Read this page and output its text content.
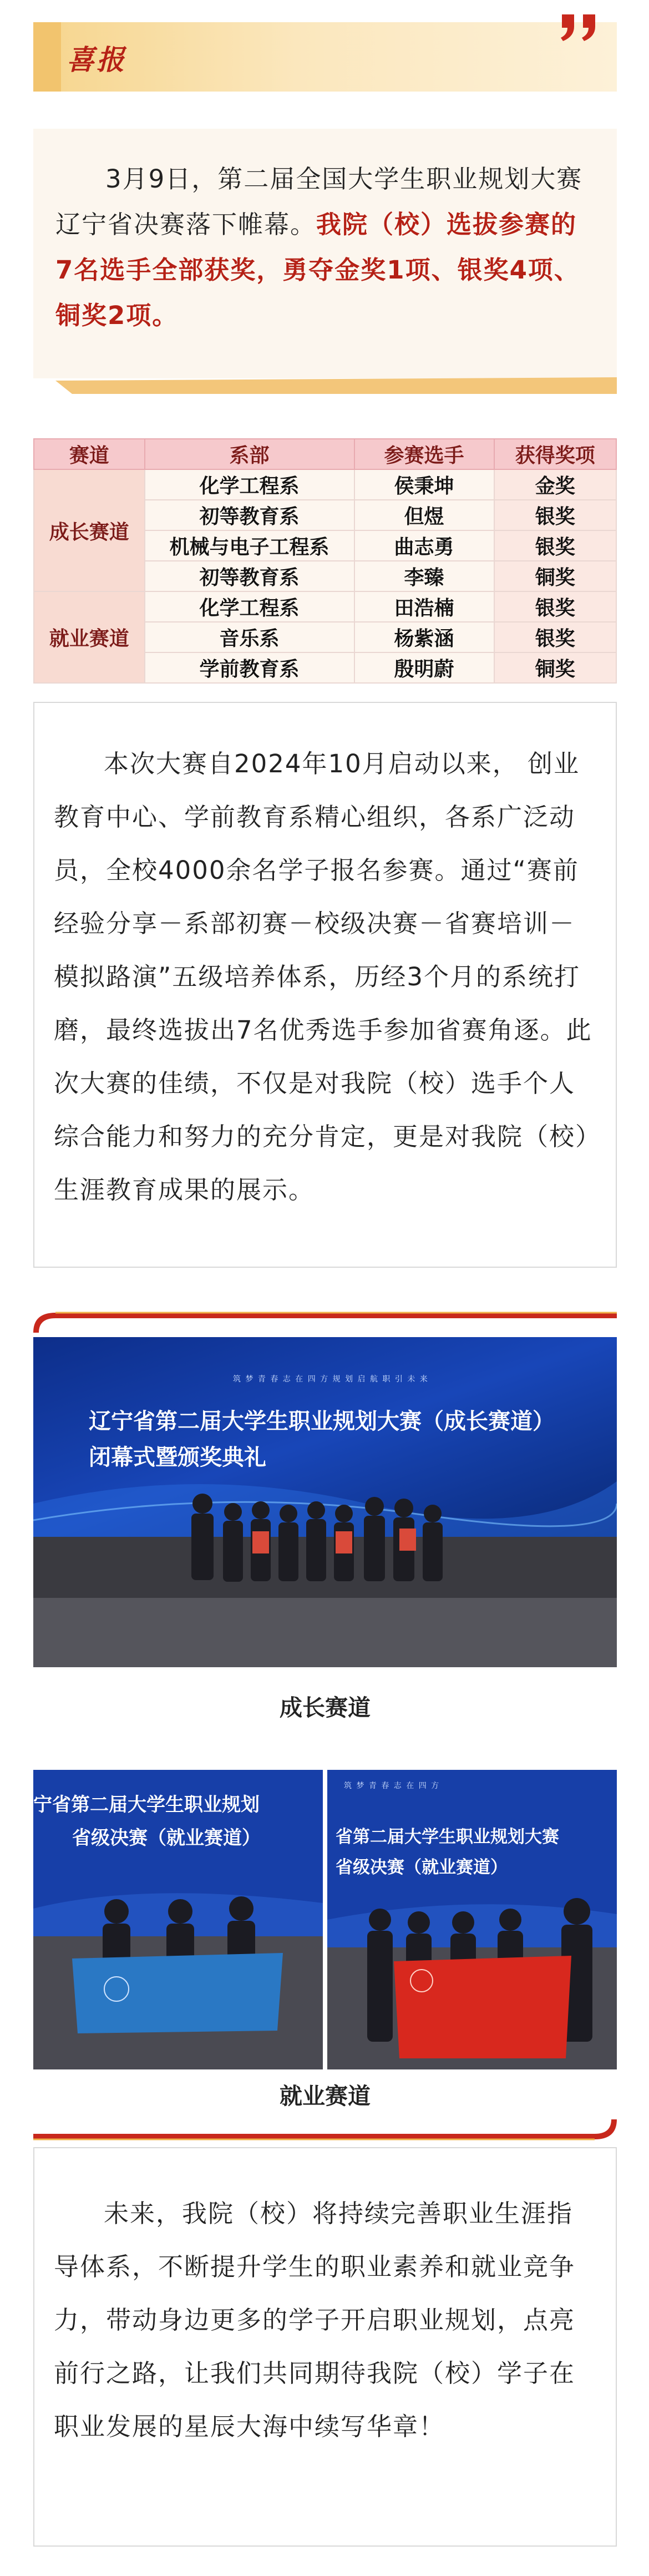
喜报

3月9日，第二届全国大学生职业规划大赛辽宁省决赛落下帷幕。我院（校）选拔参赛的7名选手全部获奖，勇夺金奖1项、银奖4项、铜奖2项。

赛道	系部	参赛选手	获得奖项
成长赛道	化学工程系	侯秉坤	金奖
	初等教育系	但煜	银奖
	机械与电子工程系	曲志勇	银奖
	初等教育系	李臻	铜奖
就业赛道	化学工程系	田浩楠	银奖
	音乐系	杨紫涵	银奖
	学前教育系	殷明蔚	铜奖

本次大赛自2024年10月启动以来， 创业教育中心、学前教育系精心组织，各系广泛动员，全校4000余名学子报名参赛。通过“赛前经验分享－系部初赛－校级决赛－省赛培训－模拟路演”五级培养体系，历经3个月的系统打磨，最终选拔出7名优秀选手参加省赛角逐。此次大赛的佳绩，不仅是对我院（校）选手个人综合能力和努力的充分肯定，更是对我院（校）生涯教育成果的展示。

筑 梦 青 春 志 在 四 方 规 划 启 航 职 引 未 来
辽宁省第二届大学生职业规划大赛（成长赛道）
闭幕式暨颁奖典礼
成长赛道
宁省第二届大学生职业规划
省级决赛（就业赛道）
筑 梦 青 春 志 在 四 方
省第二届大学生职业规划大赛
省级决赛（就业赛道）
就业赛道

未来，我院（校）将持续完善职业生涯指导体系，不断提升学生的职业素养和就业竞争力，带动身边更多的学子开启职业规划，点亮前行之路，让我们共同期待我院（校）学子在职业发展的星辰大海中续写华章！
